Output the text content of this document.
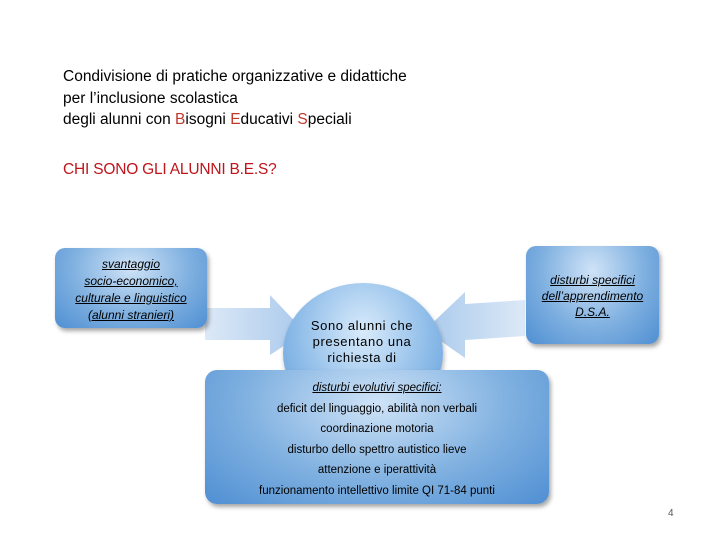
Condivisione di pratiche organizzative e didattiche
per l’inclusione scolastica
degli alunni con Bisogni Educativi Speciali
CHI SONO GLI ALUNNI B.E.S?
svantaggio
socio-economico,
culturale e linguistico
(alunni stranieri)
disturbi specifici
dell’apprendimento
D.S.A.
Sono alunni che
presentano una
richiesta di
disturbi evolutivi specifici:
deficit del linguaggio, abilità non verbali
coordinazione motoria
disturbo dello spettro autistico lieve
attenzione e iperattività
funzionamento intellettivo limite QI 71-84 punti
4
